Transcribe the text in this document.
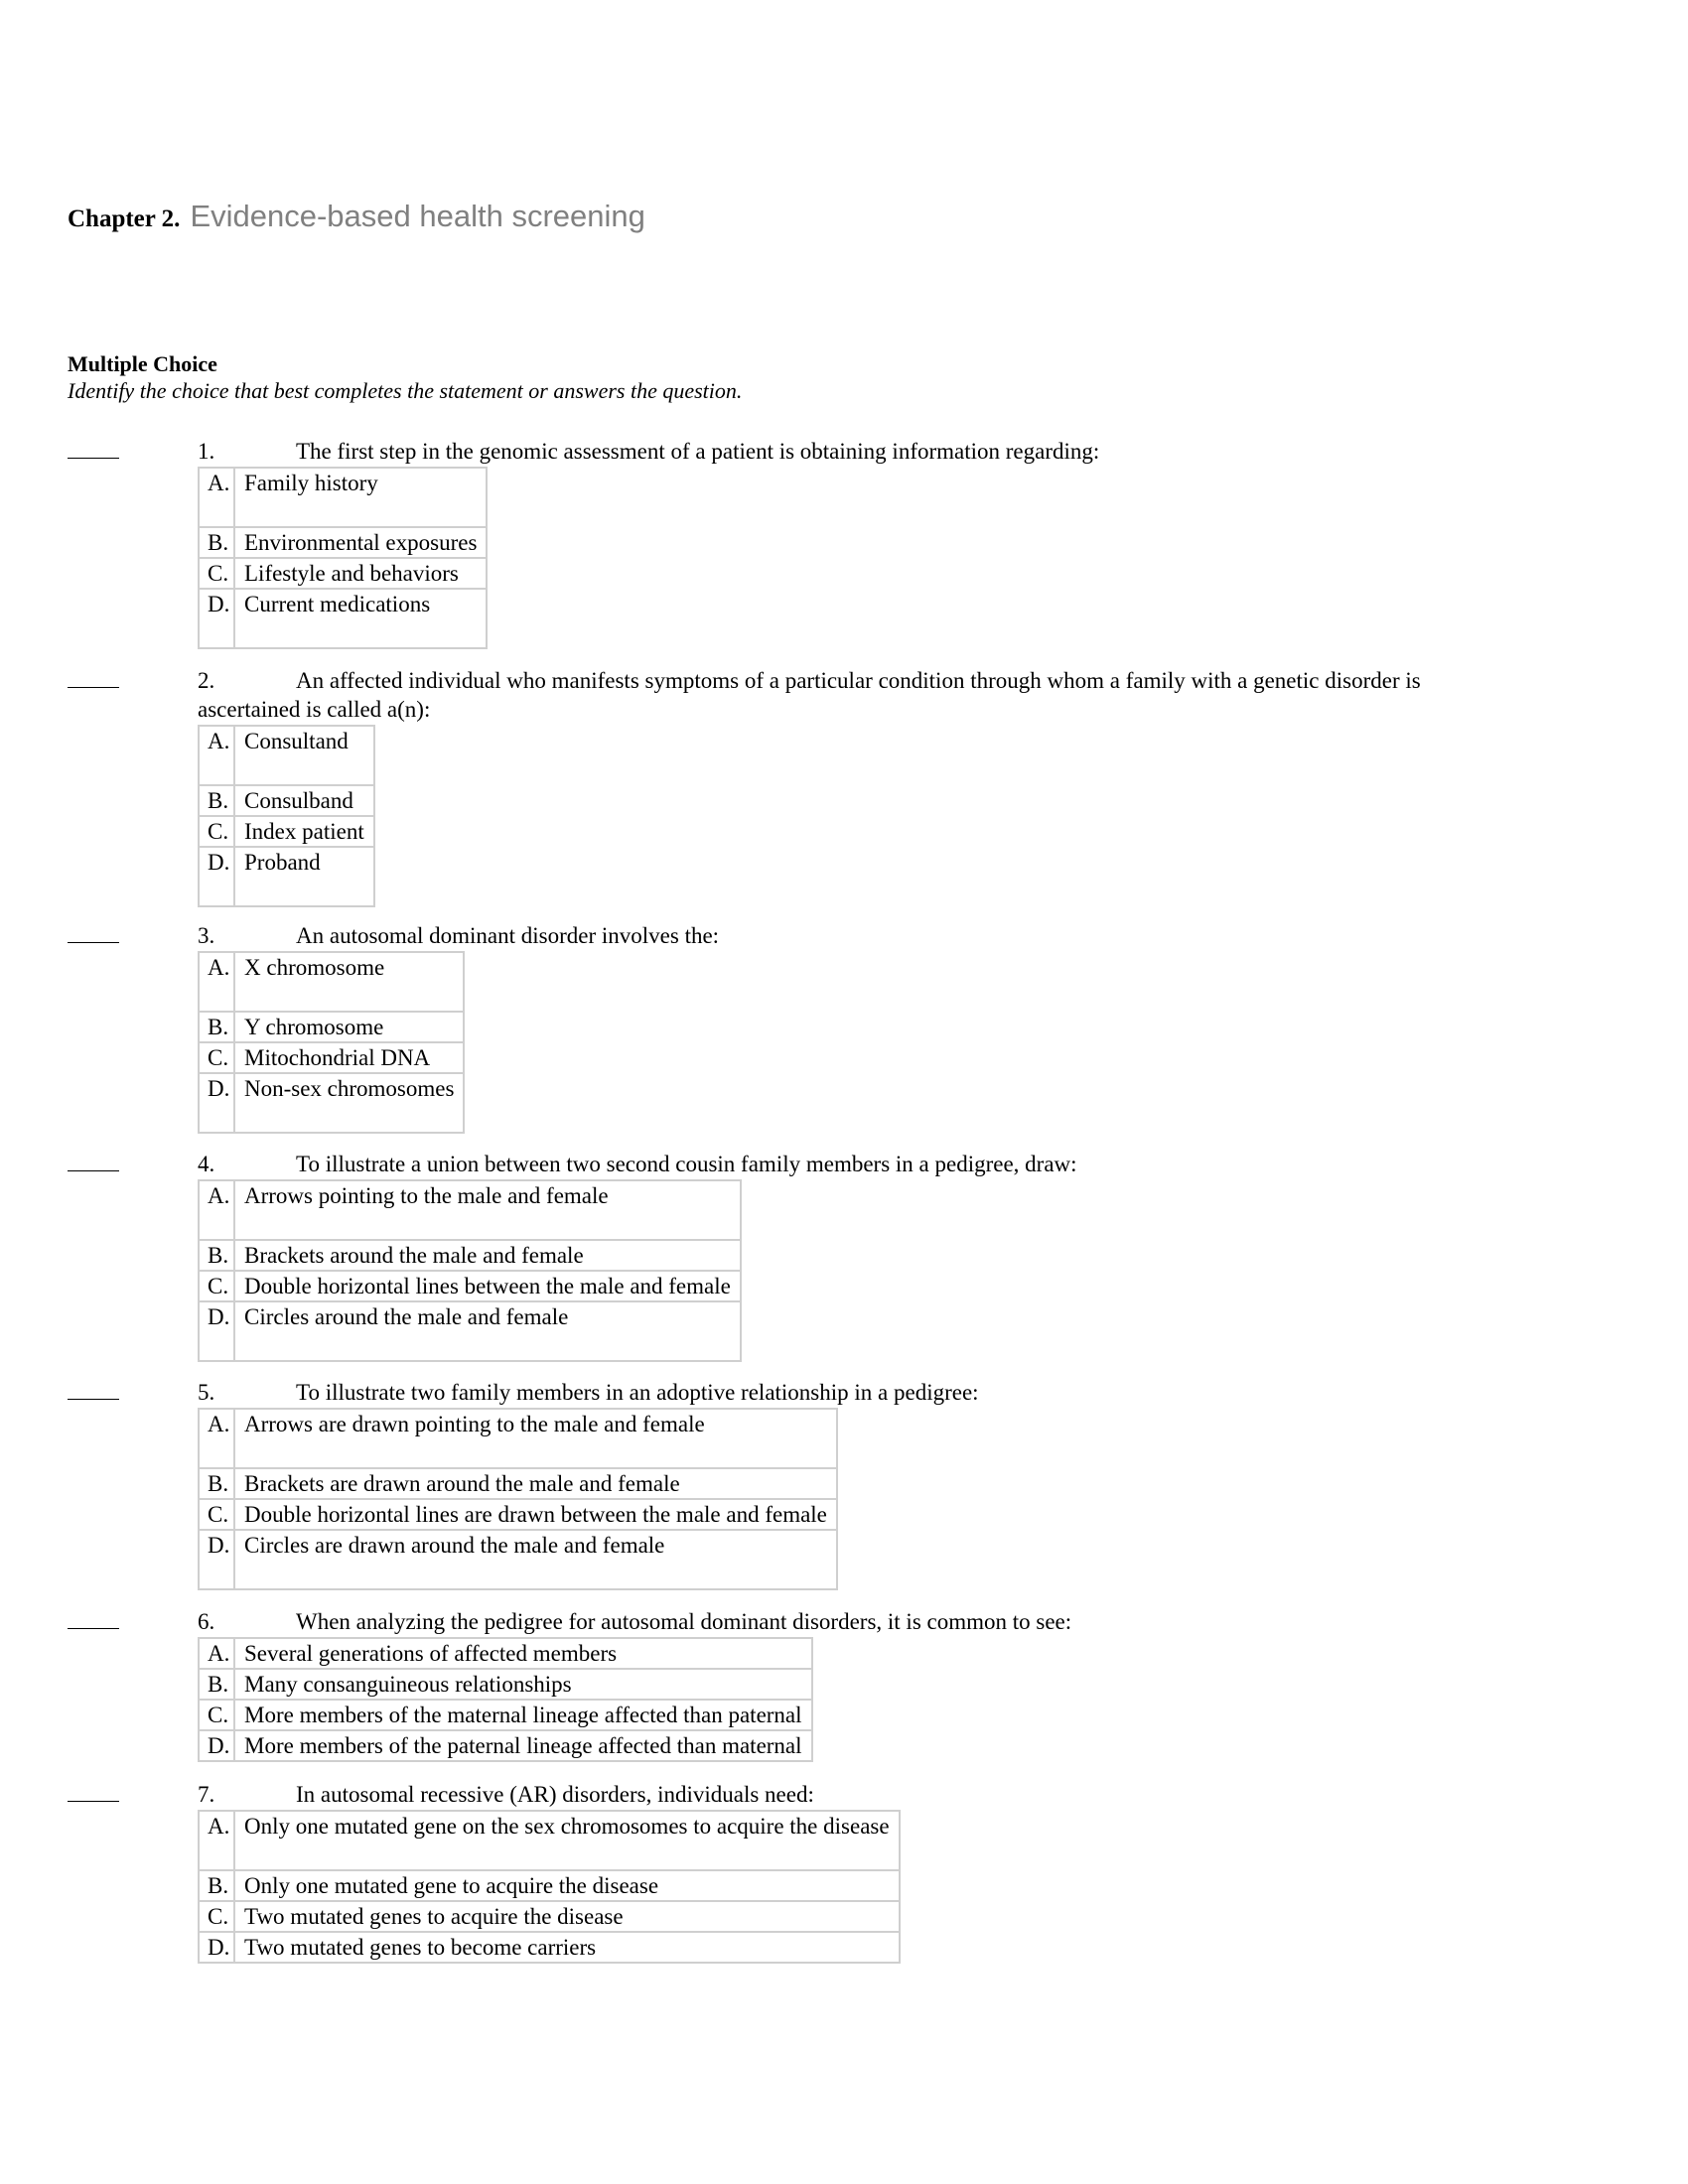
Chapter 2. Evidence-based health screening
Multiple Choice
Identify the choice that best completes the statement or answers the question.
1.	The first step in the genomic assessment of a patient is obtaining information regarding:
A.	Family history
B.	Environmental exposures
C.	Lifestyle and behaviors

D.	Current medications
2.	An affected individual who manifests symptoms of a particular condition through whom a family with a genetic disorder is ascertained is called a(n):
A.	Consultand
B.	Consulband
C.	Index patient

D.	Proband
3.	An autosomal dominant disorder involves the:
A.	X chromosome
B.	Y chromosome
C.	Mitochondrial DNA

D.	Non-sex chromosomes
4.	To illustrate a union between two second cousin family members in a pedigree, draw:
A.	Arrows pointing to the male and female
B.	Brackets around the male and female
C.	Double horizontal lines between the male and female

D.	Circles around the male and female
5.	To illustrate two family members in an adoptive relationship in a pedigree:
A.	Arrows are drawn pointing to the male and female
B.	Brackets are drawn around the male and female
C.	Double horizontal lines are drawn between the male and female

D.	Circles are drawn around the male and female
6.	When analyzing the pedigree for autosomal dominant disorders, it is common to see:
A.	Several generations of affected members
B.	Many consanguineous relationships
C.	More members of the maternal lineage affected than paternal
D.	More members of the paternal lineage affected than maternal
7.	In autosomal recessive (AR) disorders, individuals need:
A.	Only one mutated gene on the sex chromosomes to acquire the disease
B.	Only one mutated gene to acquire the disease
C.	Two mutated genes to acquire the disease
D.	Two mutated genes to become carriers
